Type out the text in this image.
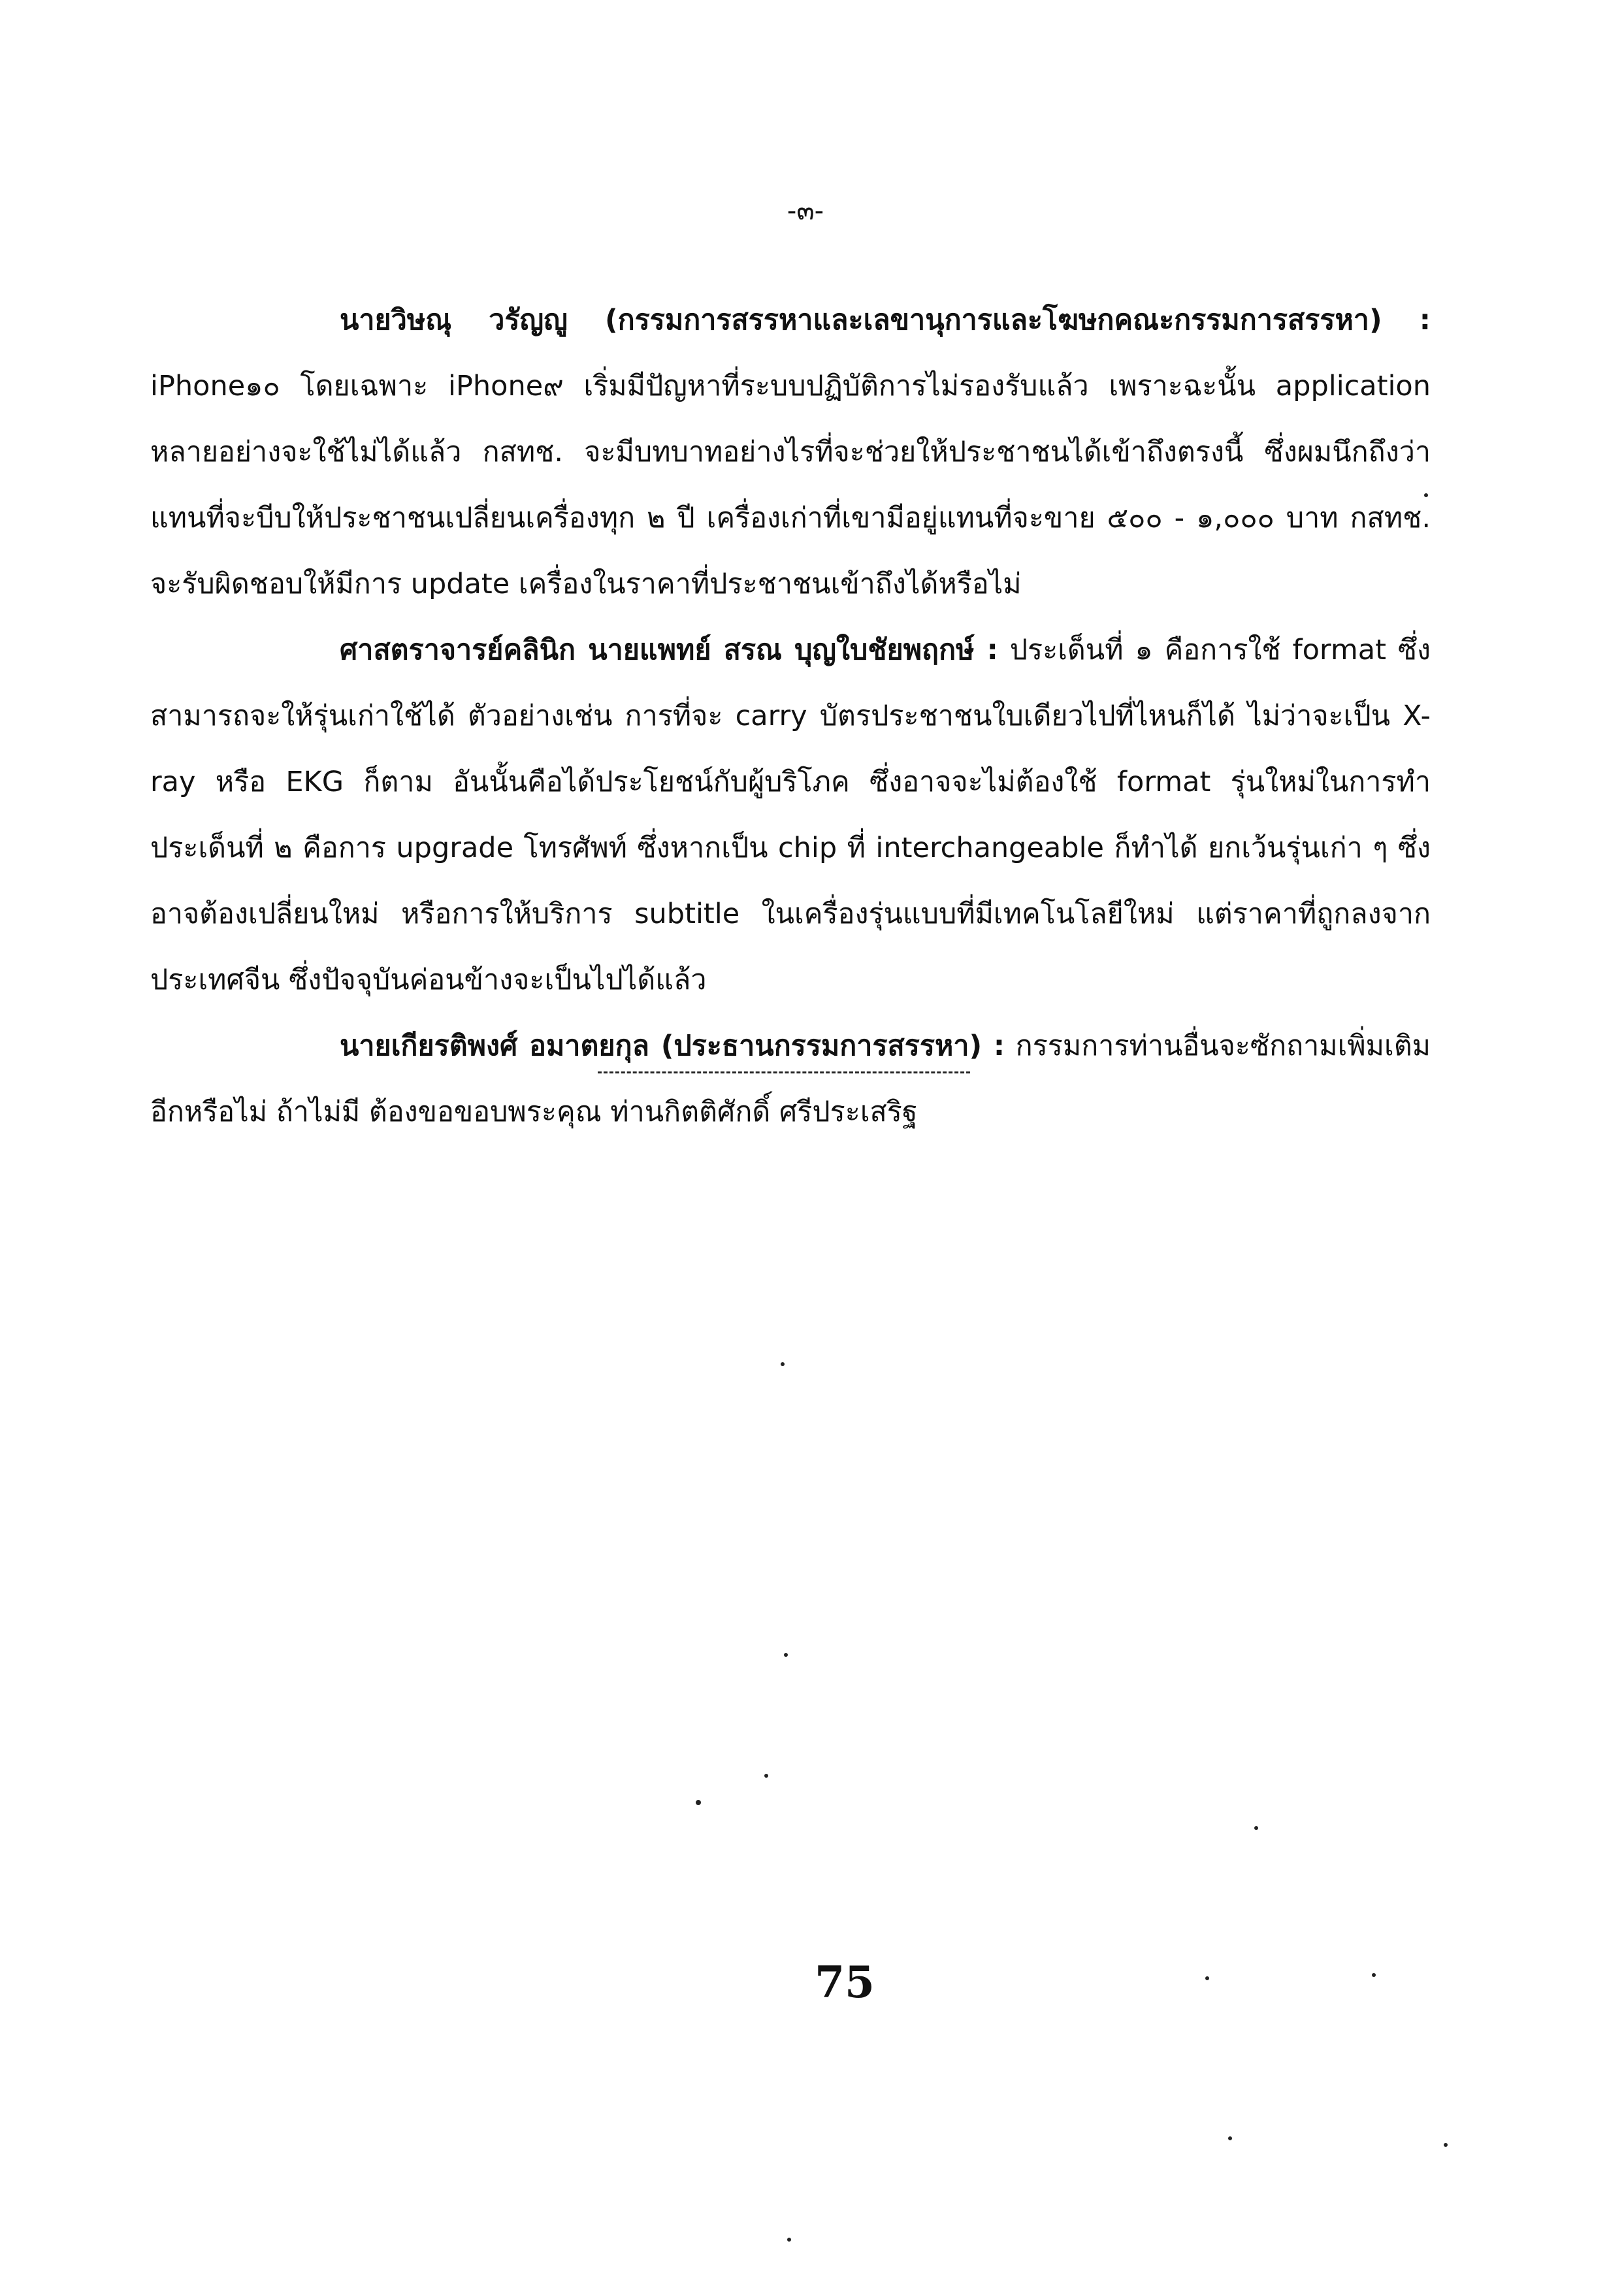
-๓-

นายวิษณุ วรัญญู (กรรมการสรรหาและเลขานุการและโฆษกคณะกรรมการสรรหา) : iPhone๑๐ โดยเฉพาะ iPhone๙ เริ่มมีปัญหาที่ระบบปฏิบัติการไม่รองรับแล้ว เพราะฉะนั้น application หลายอย่างจะใช้ไม่ได้แล้ว กสทช. จะมีบทบาทอย่างไรที่จะช่วยให้ประชาชนได้เข้าถึงตรงนี้ ซึ่งผมนึกถึงว่า แทนที่จะบีบให้ประชาชนเปลี่ยนเครื่องทุก ๒ ปี เครื่องเก่าที่เขามีอยู่แทนที่จะขาย ๕๐๐ - ๑,๐๐๐ บาท กสทช. จะรับผิดชอบให้มีการ update เครื่องในราคาที่ประชาชนเข้าถึงได้หรือไม่

ศาสตราจารย์คลินิก นายแพทย์ สรณ บุญใบชัยพฤกษ์ : ประเด็นที่ ๑ คือการใช้ format ซึ่งสามารถจะให้รุ่นเก่าใช้ได้ ตัวอย่างเช่น การที่จะ carry บัตรประชาชนใบเดียวไปที่ไหนก็ได้ ไม่ว่าจะเป็น X-ray หรือ EKG ก็ตาม อันนั้นคือได้ประโยชน์กับผู้บริโภค ซึ่งอาจจะไม่ต้องใช้ format รุ่นใหม่ในการทำ ประเด็นที่ ๒ คือการ upgrade โทรศัพท์ ซึ่งหากเป็น chip ที่ interchangeable ก็ทำได้ ยกเว้นรุ่นเก่า ๆ ซึ่งอาจต้องเปลี่ยนใหม่ หรือการให้บริการ subtitle ในเครื่องรุ่นแบบที่มีเทคโนโลยีใหม่ แต่ราคาที่ถูกลงจากประเทศจีน ซึ่งปัจจุบันค่อนข้างจะเป็นไปได้แล้ว

นายเกียรติพงศ์ อมาตยกุล (ประธานกรรมการสรรหา) : กรรมการท่านอื่นจะซักถามเพิ่มเติมอีกหรือไม่ ถ้าไม่มี ต้องขอขอบพระคุณ ท่านกิตติศักดิ์ ศรีประเสริฐ

75
